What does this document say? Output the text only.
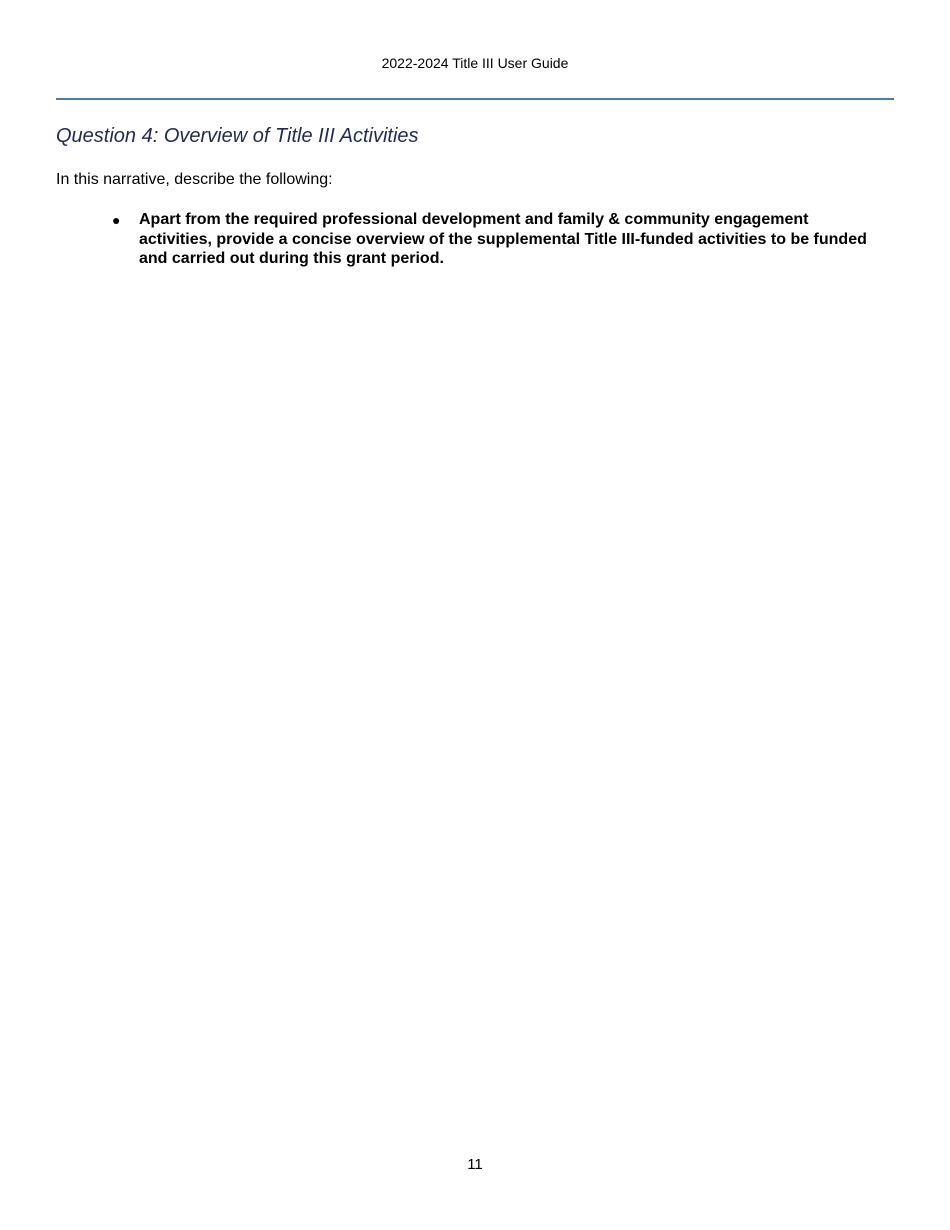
2022-2024 Title III User Guide
Question 4: Overview of Title III Activities

In this narrative, describe the following:

●	Apart from the required professional development and family & community engagement activities, provide a concise overview of the supplemental Title III-funded activities to be funded and carried out during this grant period.
11
